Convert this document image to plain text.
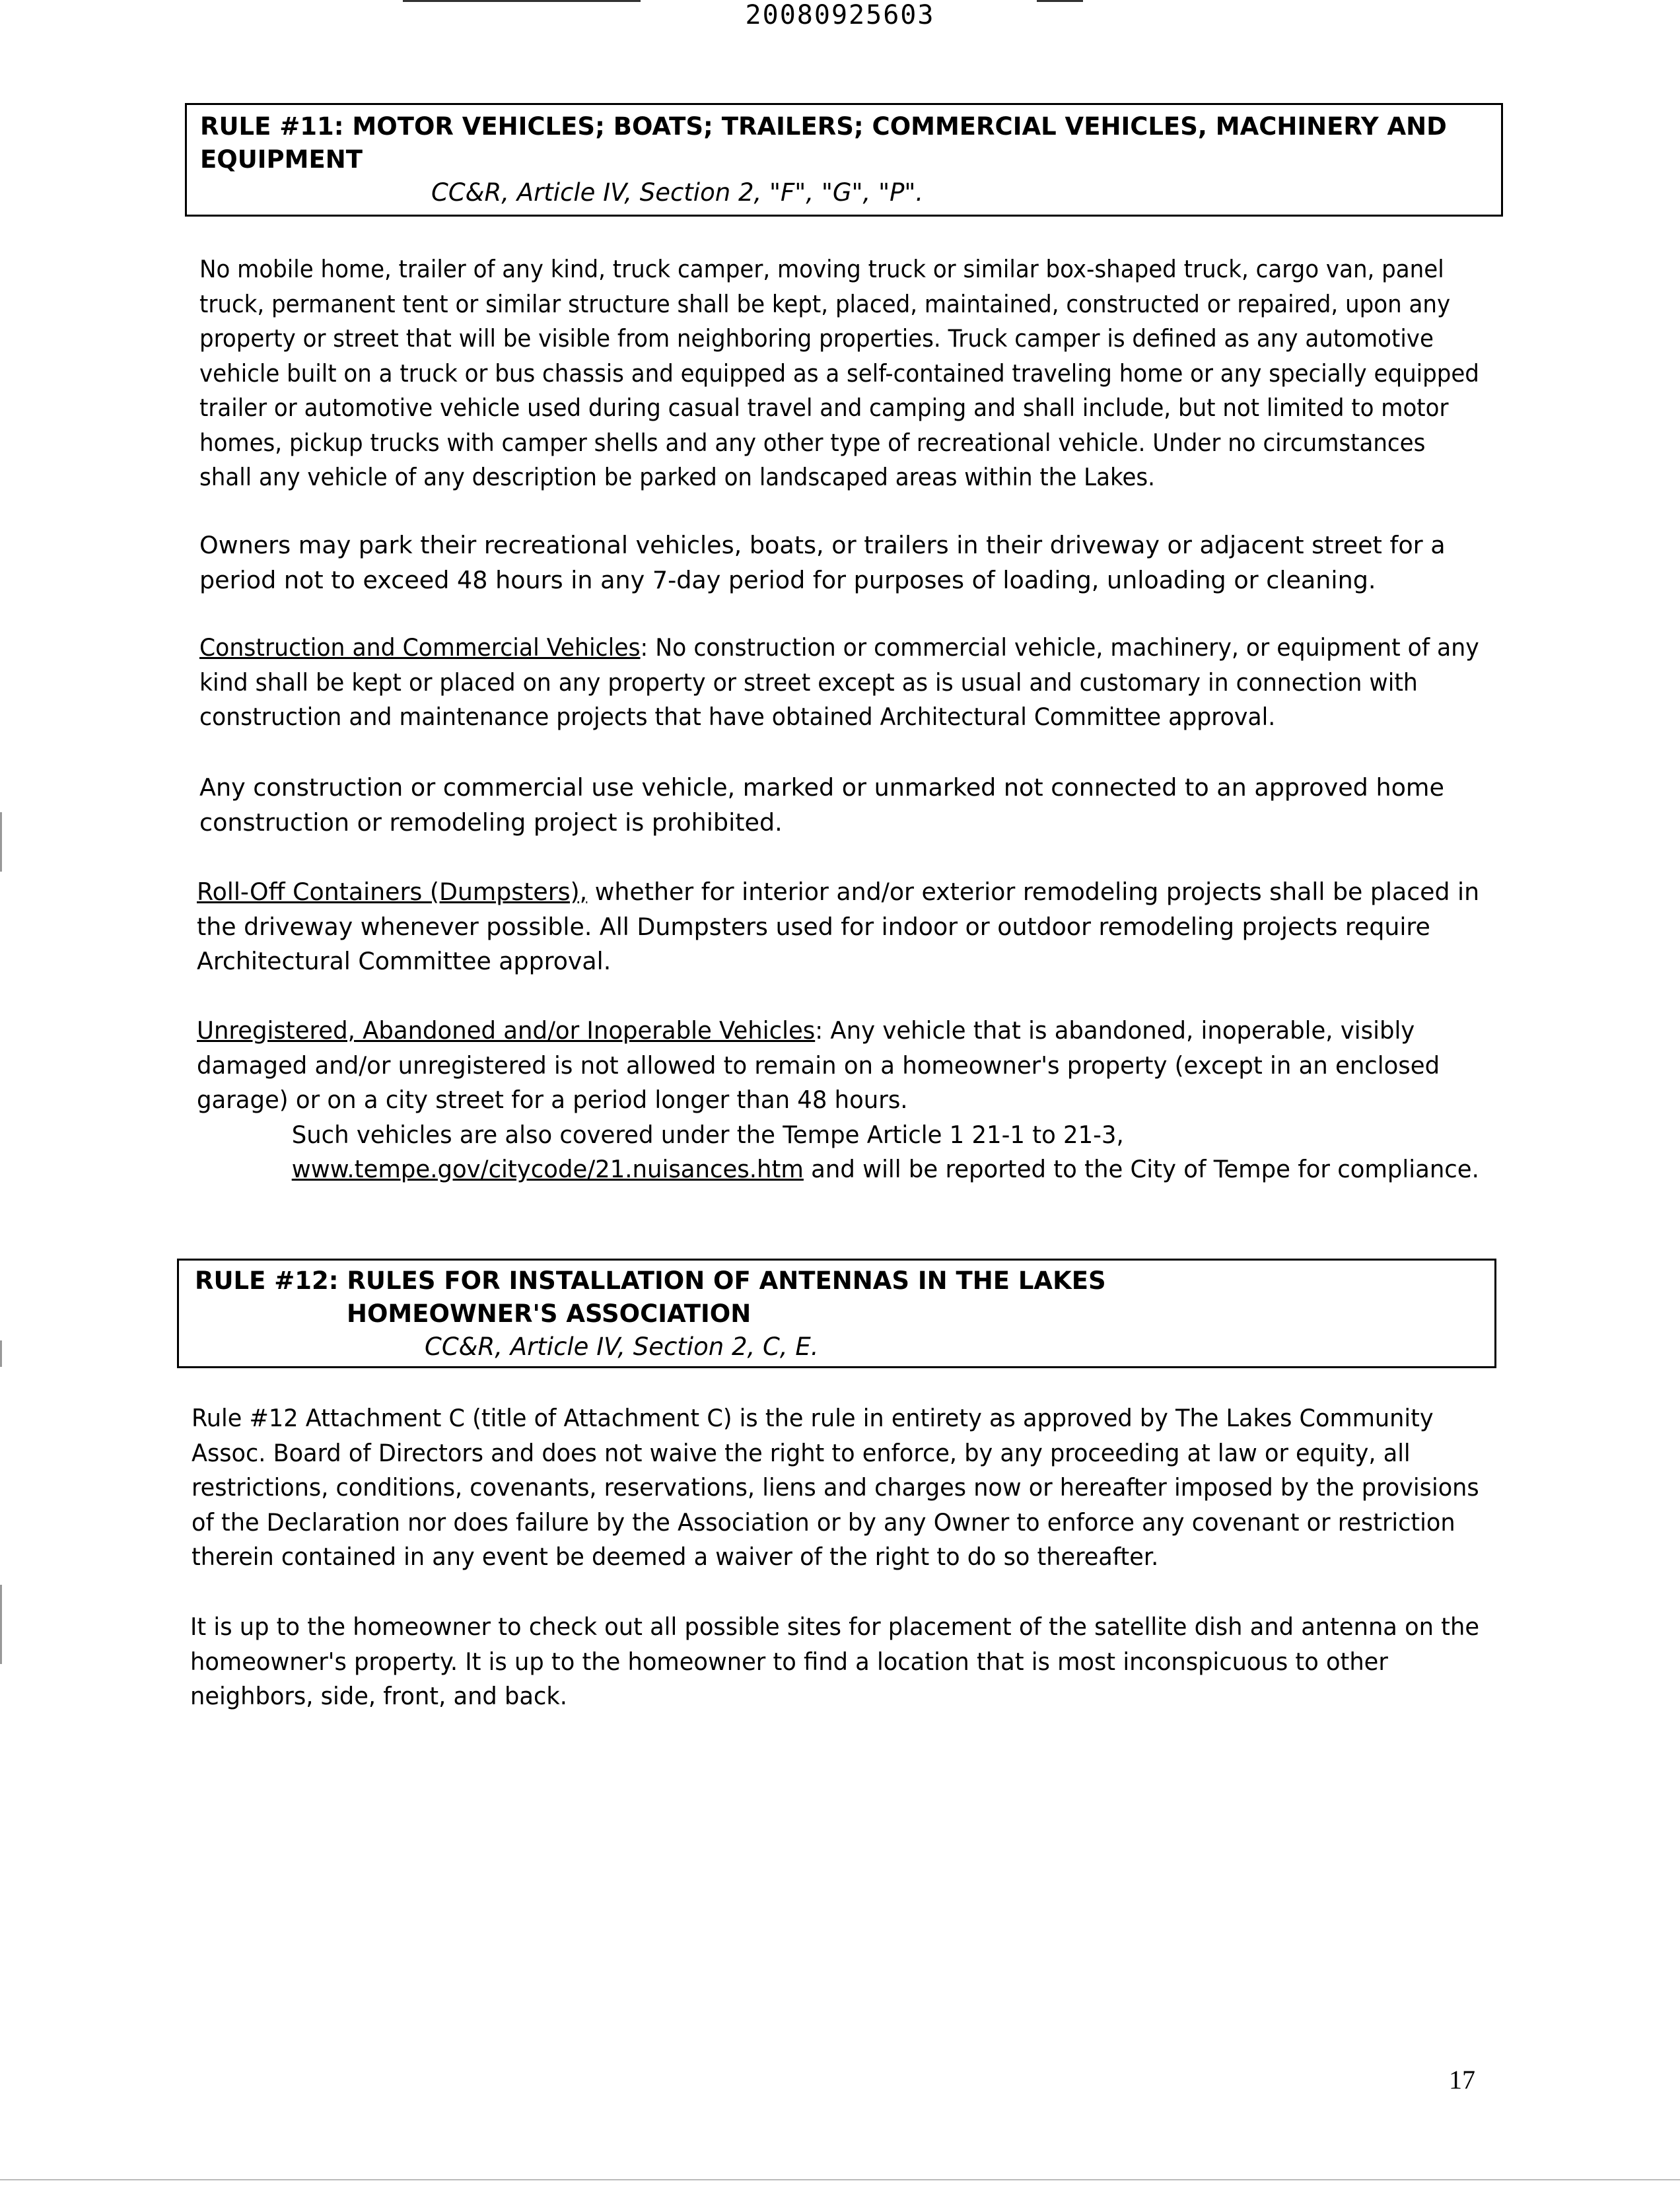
20080925603
RULE #11: MOTOR VEHICLES; BOATS; TRAILERS; COMMERCIAL VEHICLES, MACHINERY AND
EQUIPMENT
CC&R, Article IV, Section 2, "F", "G", "P".
No mobile home, trailer of any kind, truck camper, moving truck or similar box-shaped truck, cargo van, panel
truck, permanent tent or similar structure shall be kept, placed, maintained, constructed or repaired, upon any
property or street that will be visible from neighboring properties. Truck camper is defined as any automotive
vehicle built on a truck or bus chassis and equipped as a self-contained traveling home or any specially equipped
trailer or automotive vehicle used during casual travel and camping and shall include, but not limited to motor
homes, pickup trucks with camper shells and any other type of recreational vehicle. Under no circumstances
shall any vehicle of any description be parked on landscaped areas within the Lakes.
Owners may park their recreational vehicles, boats, or trailers in their driveway or adjacent street for a
period not to exceed 48 hours in any 7-day period for purposes of loading, unloading or cleaning.
Construction and Commercial Vehicles: No construction or commercial vehicle, machinery, or equipment of any
kind shall be kept or placed on any property or street except as is usual and customary in connection with
construction and maintenance projects that have obtained Architectural Committee approval.
Any construction or commercial use vehicle, marked or unmarked not connected to an approved home
construction or remodeling project is prohibited.
Roll-Off Containers (Dumpsters), whether for interior and/or exterior remodeling projects shall be placed in
the driveway whenever possible. All Dumpsters used for indoor or outdoor remodeling projects require
Architectural Committee approval.
Unregistered, Abandoned and/or Inoperable Vehicles: Any vehicle that is abandoned, inoperable, visibly
damaged and/or unregistered is not allowed to remain on a homeowner's property (except in an enclosed
garage) or on a city street for a period longer than 48 hours.
Such vehicles are also covered under the Tempe Article 1 21-1 to 21-3,
www.tempe.gov/citycode/21.nuisances.htm and will be reported to the City of Tempe for compliance.
RULE #12: RULES FOR INSTALLATION OF ANTENNAS IN THE LAKES
HOMEOWNER'S ASSOCIATION
CC&R, Article IV, Section 2, C, E.
Rule #12 Attachment C (title of Attachment C) is the rule in entirety as approved by The Lakes Community
Assoc. Board of Directors and does not waive the right to enforce, by any proceeding at law or equity, all
restrictions, conditions, covenants, reservations, liens and charges now or hereafter imposed by the provisions
of the Declaration nor does failure by the Association or by any Owner to enforce any covenant or restriction
therein contained in any event be deemed a waiver of the right to do so thereafter.
It is up to the homeowner to check out all possible sites for placement of the satellite dish and antenna on the
homeowner's property. It is up to the homeowner to find a location that is most inconspicuous to other
neighbors, side, front, and back.
17
